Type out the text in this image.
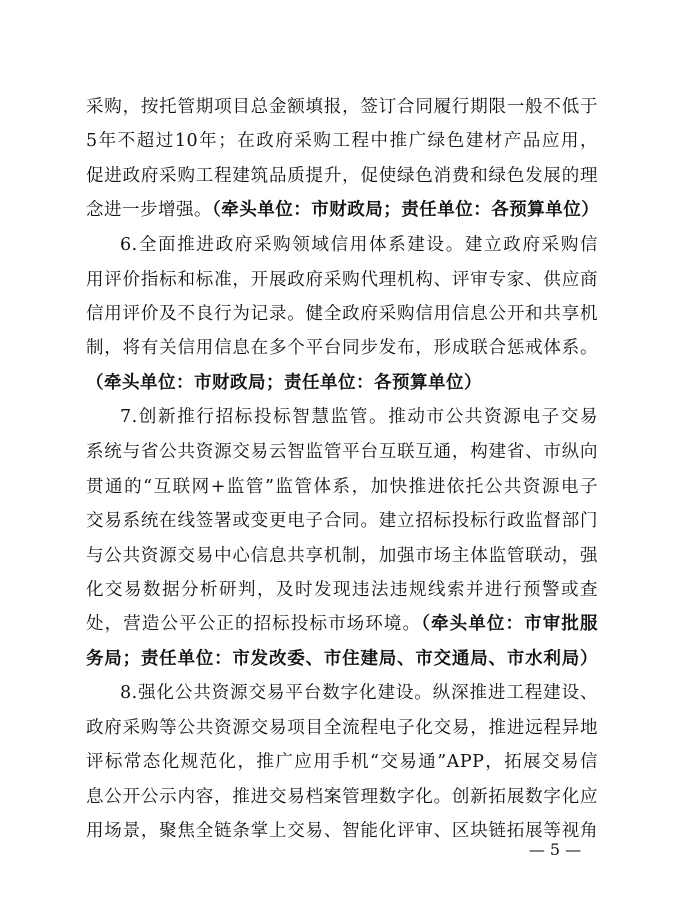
采购，按托管期项目总金额填报，签订合同履行期限一般不低于
5年不超过10年；在政府采购工程中推广绿色建材产品应用，
促进政府采购工程建筑品质提升，促使绿色消费和绿色发展的理
念进一步增强。（牵头单位：市财政局；责任单位：各预算单位）
6.全面推进政府采购领域信用体系建设。建立政府采购信
用评价指标和标准，开展政府采购代理机构、评审专家、供应商
信用评价及不良行为记录。健全政府采购信用信息公开和共享机
制，将有关信用信息在多个平台同步发布，形成联合惩戒体系。
（牵头单位：市财政局；责任单位：各预算单位）
7.创新推行招标投标智慧监管。推动市公共资源电子交易
系统与省公共资源交易云智监管平台互联互通，构建省、市纵向
贯通的“互联网+监管”监管体系，加快推进依托公共资源电子
交易系统在线签署或变更电子合同。建立招标投标行政监督部门
与公共资源交易中心信息共享机制，加强市场主体监管联动，强
化交易数据分析研判，及时发现违法违规线索并进行预警或查
处，营造公平公正的招标投标市场环境。（牵头单位：市审批服
务局；责任单位：市发改委、市住建局、市交通局、市水利局）
8.强化公共资源交易平台数字化建设。纵深推进工程建设、
政府采购等公共资源交易项目全流程电子化交易，推进远程异地
评标常态化规范化，推广应用手机“交易通”APP，拓展交易信
息公开公示内容，推进交易档案管理数字化。创新拓展数字化应
用场景，聚焦全链条掌上交易、智能化评审、区块链拓展等视角
— 5 —
